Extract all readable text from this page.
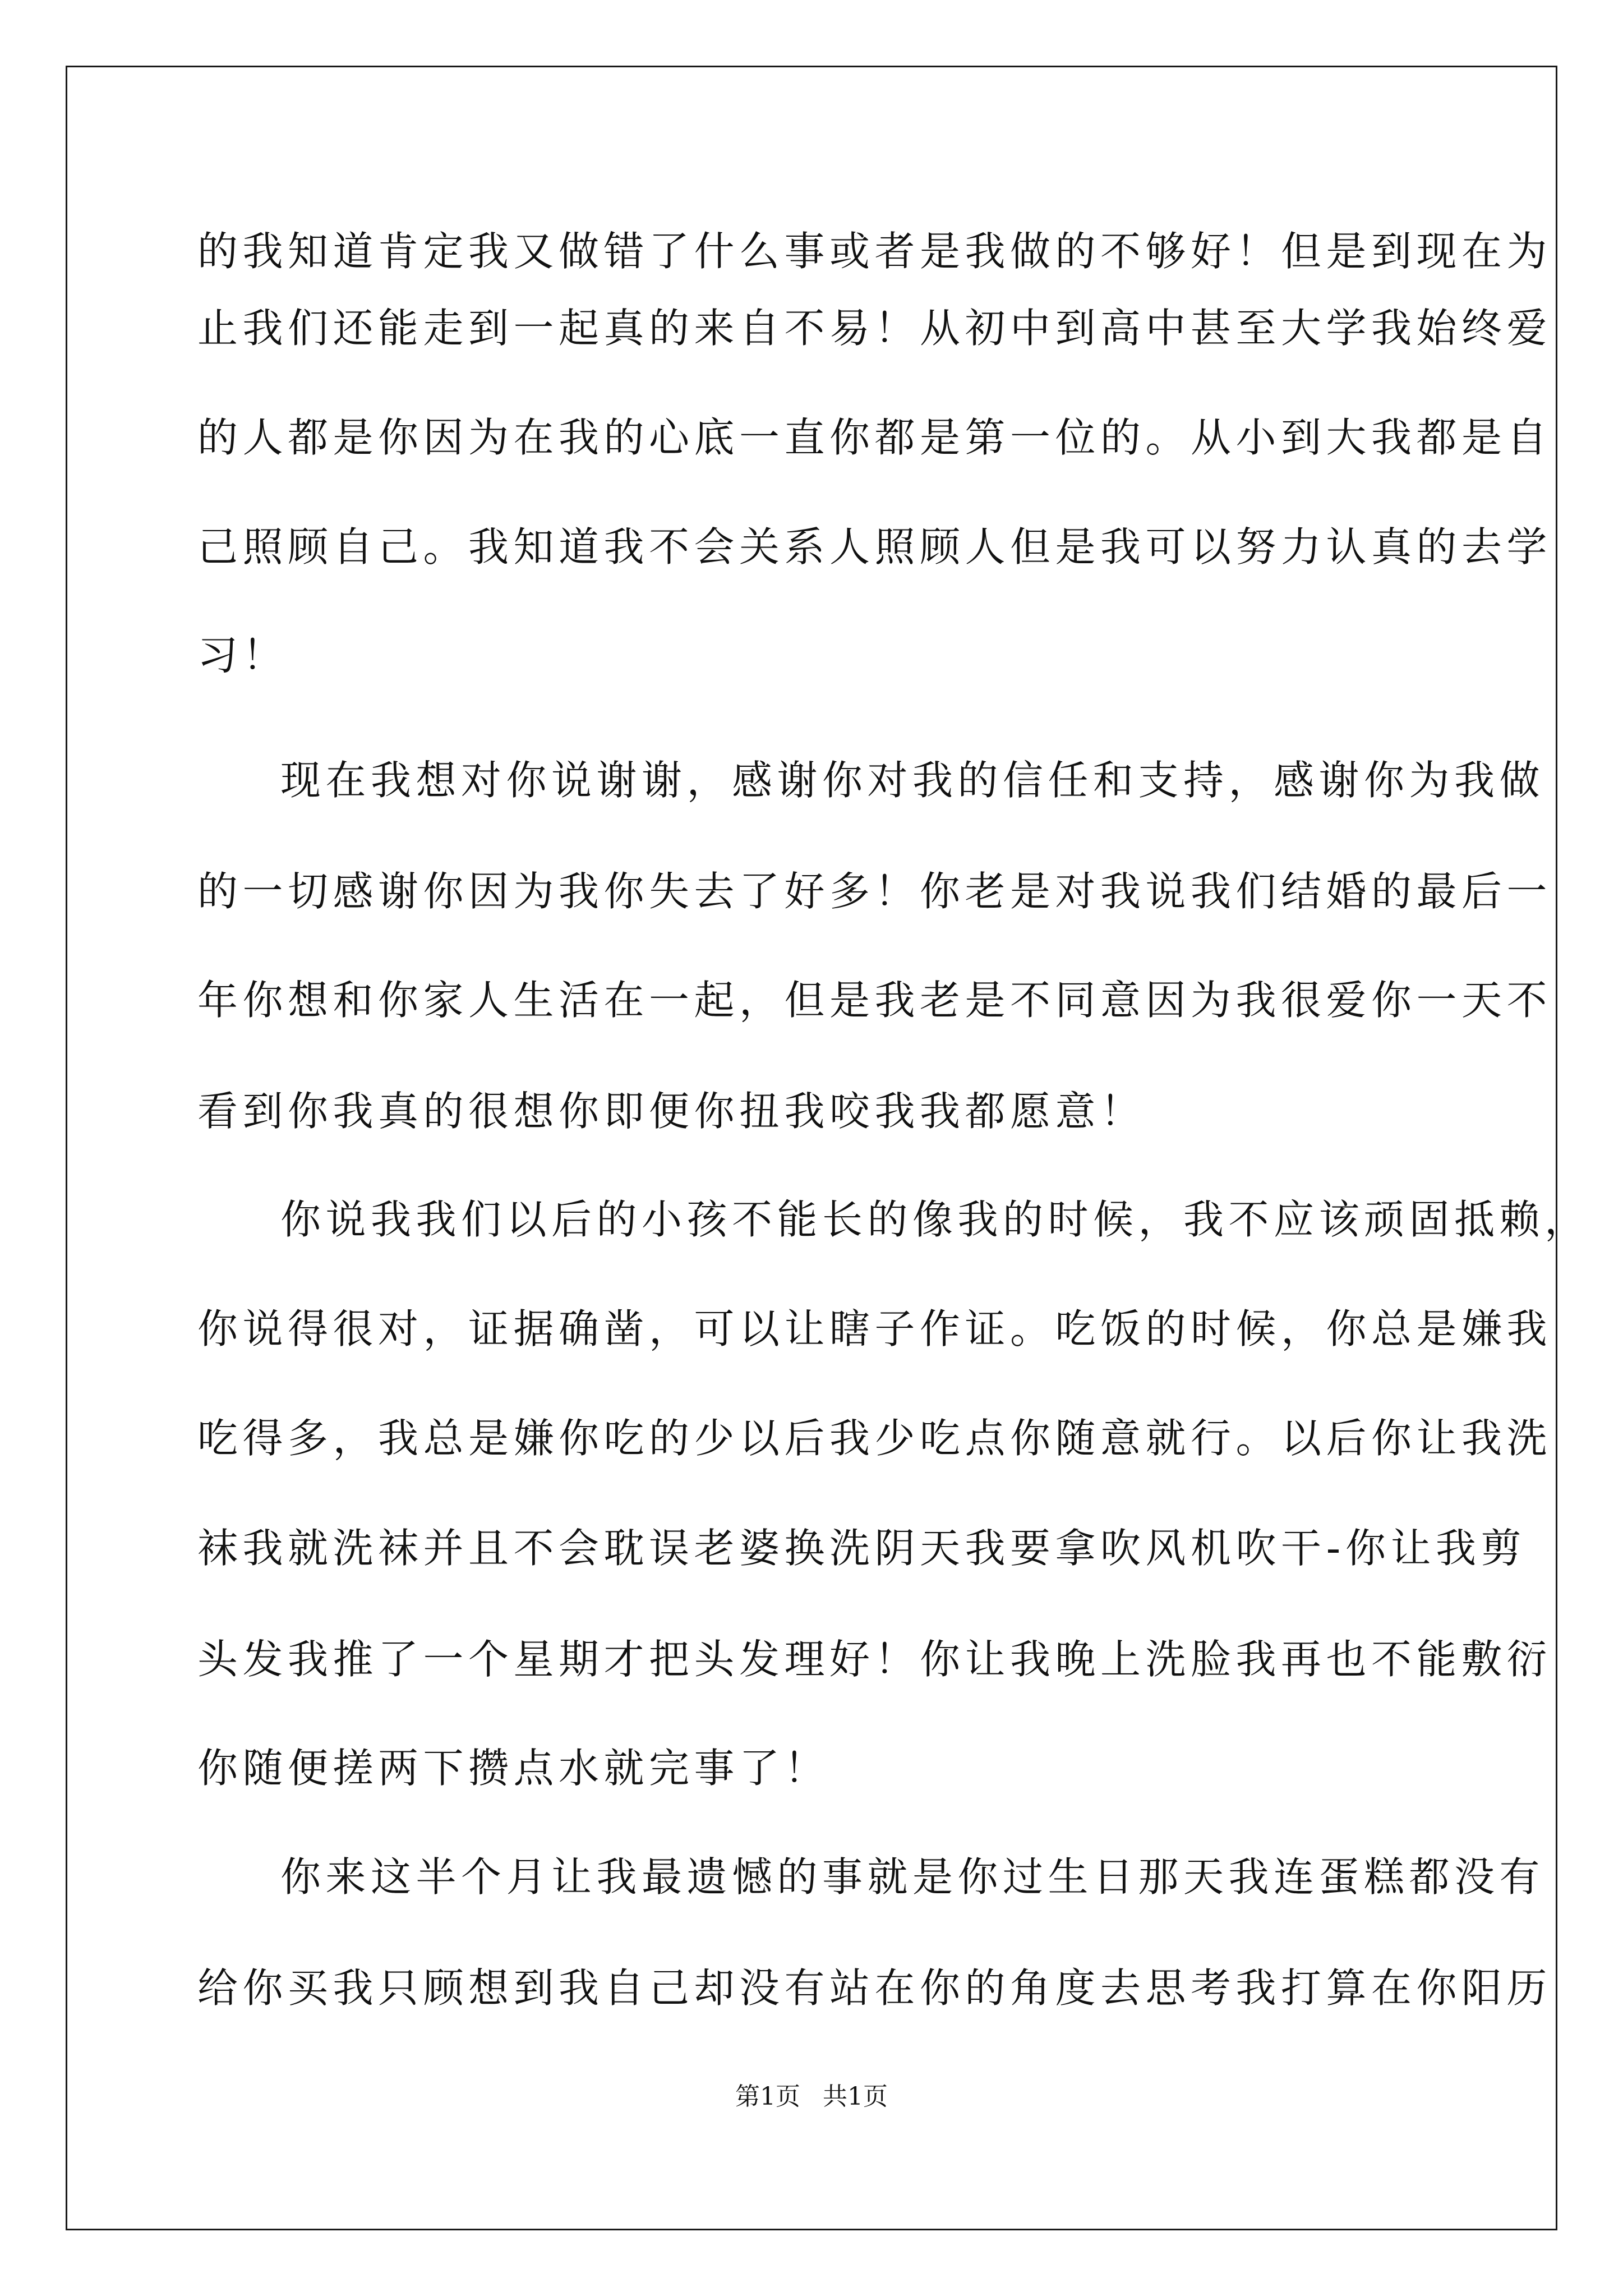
的我知道肯定我又做错了什么事或者是我做的不够好！但是到现在为
止我们还能走到一起真的来自不易！从初中到高中甚至大学我始终爱
的人都是你因为在我的心底一直你都是第一位的。从小到大我都是自
己照顾自己。我知道我不会关系人照顾人但是我可以努力认真的去学
习！
现在我想对你说谢谢，感谢你对我的信任和支持，感谢你为我做
的一切感谢你因为我你失去了好多！你老是对我说我们结婚的最后一
年你想和你家人生活在一起，但是我老是不同意因为我很爱你一天不
看到你我真的很想你即便你扭我咬我我都愿意！
你说我我们以后的小孩不能长的像我的时候，我不应该顽固抵赖，
你说得很对，证据确凿，可以让瞎子作证。吃饭的时候，你总是嫌我
吃得多，我总是嫌你吃的少以后我少吃点你随意就行。以后你让我洗
袜我就洗袜并且不会耽误老婆换洗阴天我要拿吹风机吹干-你让我剪
头发我推了一个星期才把头发理好！你让我晚上洗脸我再也不能敷衍
你随便搓两下攒点水就完事了！
你来这半个月让我最遗憾的事就是你过生日那天我连蛋糕都没有
给你买我只顾想到我自己却没有站在你的角度去思考我打算在你阳历
第1页 共1页
